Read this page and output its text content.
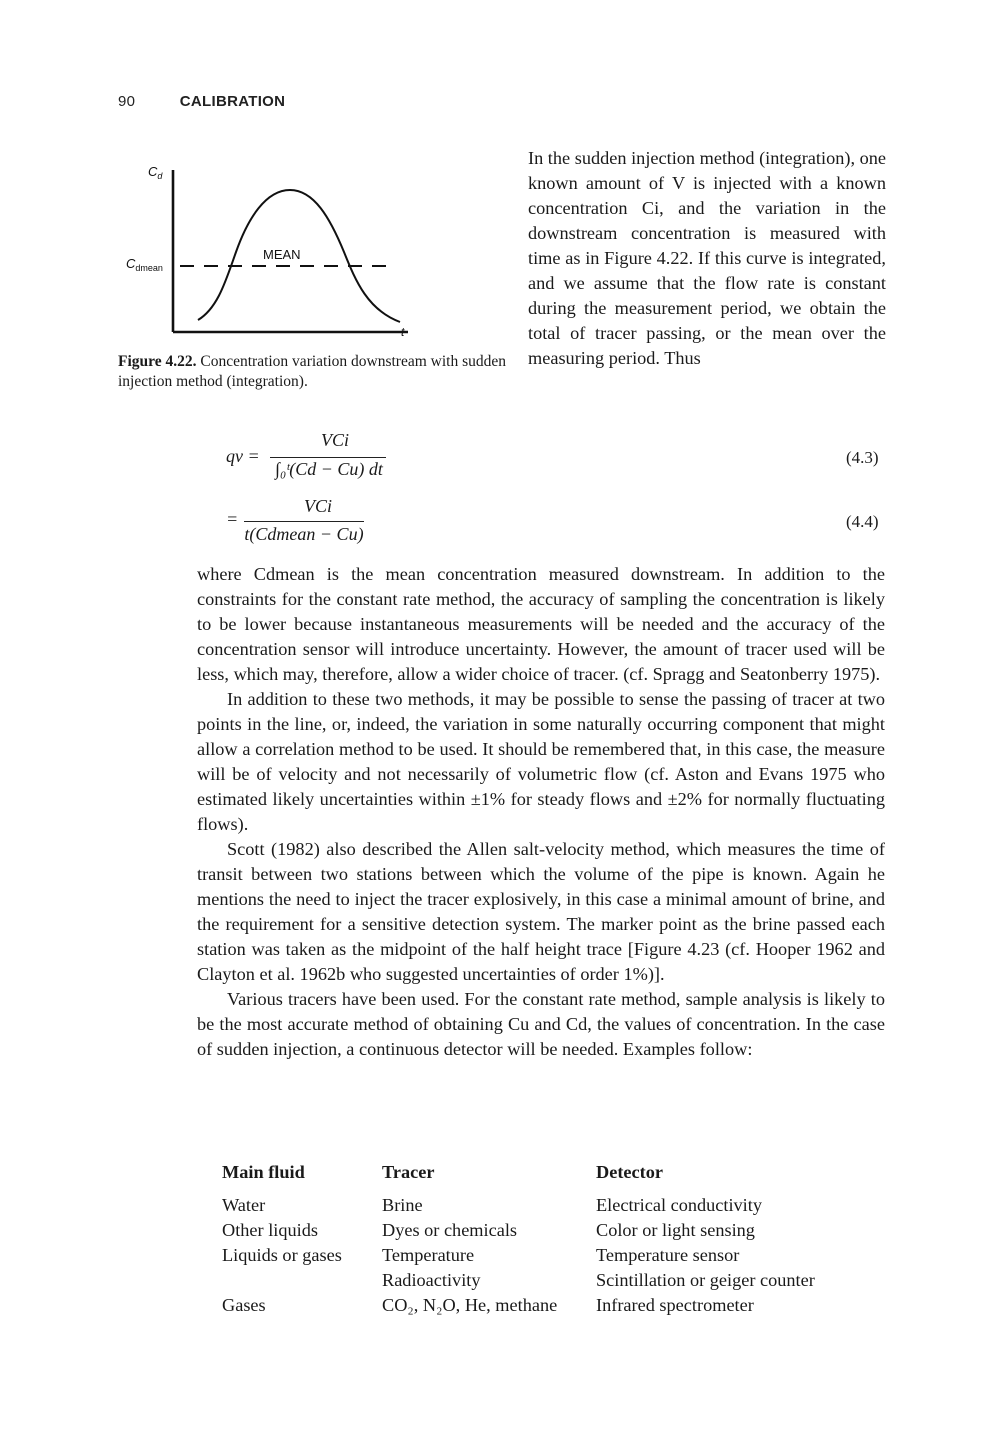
90	CALIBRATION
$C_d$
$C_{dmean}$
MEAN
t
Figure 4.22. Concentration variation downstream with sudden injection method (integration).
In the sudden injection method (integration), one known amount of V is injected with a known concentration Ci, and the variation in the downstream concentration is measured with time as in Figure 4.22. If this curve is integrated, and we assume that the flow rate is constant during the measurement period, we obtain the total of tracer passing, or the mean over the measuring period. Thus
qv =
VCi
∫₀ᵗ(Cd − Cu) dt
(4.3)
=
VCi
t(Cdmean − Cu)
(4.4)

where Cdmean is the mean concentration measured downstream. In addition to the constraints for the constant rate method, the accuracy of sampling the concentration is likely to be lower because instantaneous measurements will be needed and the accuracy of the concentration sensor will introduce uncertainty. However, the amount of tracer used will be less, which may, therefore, allow a wider choice of tracer. (cf. Spragg and Seatonberry 1975).

In addition to these two methods, it may be possible to sense the passing of tracer at two points in the line, or, indeed, the variation in some naturally occurring component that might allow a correlation method to be used. It should be remembered that, in this case, the measure will be of velocity and not necessarily of volumetric flow (cf. Aston and Evans 1975 who estimated likely uncertainties within ±1% for steady flows and ±2% for normally fluctuating flows).

Scott (1982) also described the Allen salt-velocity method, which measures the time of transit between two stations between which the volume of the pipe is known. Again he mentions the need to inject the tracer explosively, in this case a minimal amount of brine, and the requirement for a sensitive detection system. The marker point as the brine passed each station was taken as the midpoint of the half height trace [Figure 4.23 (cf. Hooper 1962 and Clayton et al. 1962b who suggested uncertainties of order 1%)].

Various tracers have been used. For the constant rate method, sample analysis is likely to be the most accurate method of obtaining Cu and Cd, the values of concentration. In the case of sudden injection, a continuous detector will be needed. Examples follow:

Main fluid	Tracer	Detector
Water	Brine	Electrical conductivity
Other liquids	Dyes or chemicals	Color or light sensing
Liquids or gases	Temperature	Temperature sensor
	Radioactivity	Scintillation or geiger counter
Gases	CO₂, N₂O, He, methane	Infrared spectrometer
